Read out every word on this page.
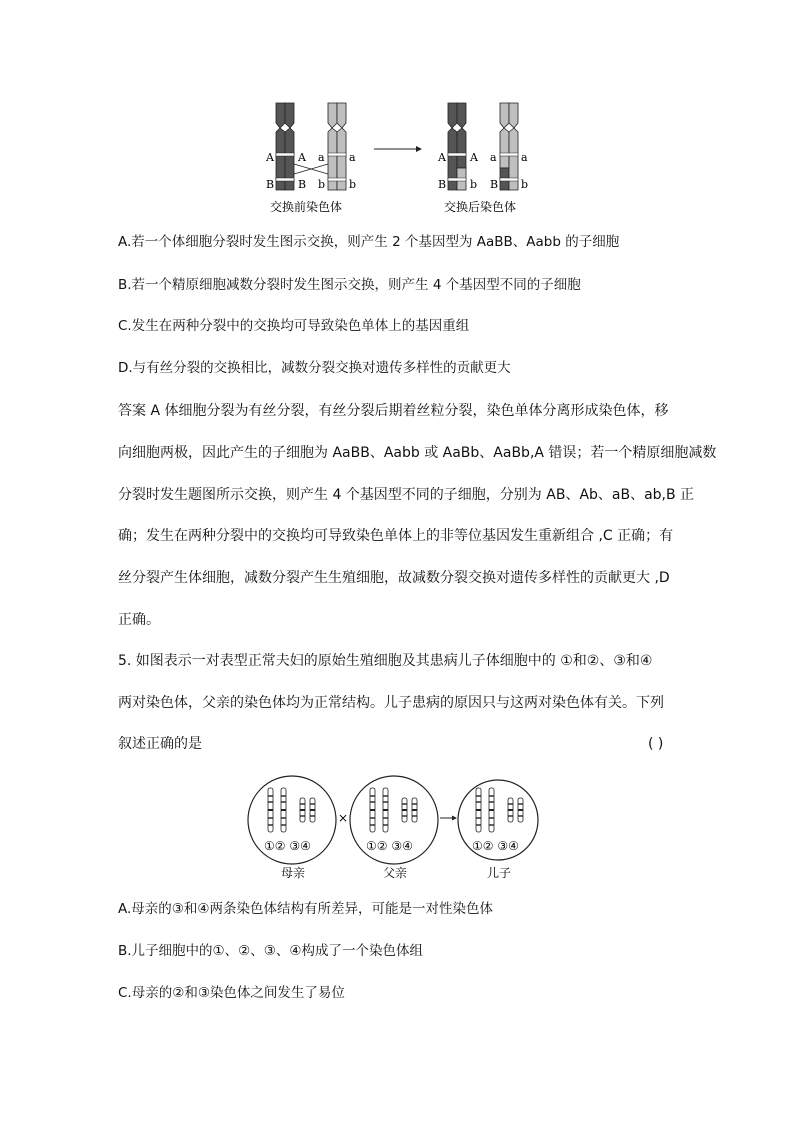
A
B
A
B
a
b
a
b
A
B
A
b
a
B
a
b
交换前染色体	交换后染色体
A.若一个体细胞分裂时发生图示交换，则产生 2 个基因型为 AaBB、Aabb 的子细胞
B.若一个精原细胞减数分裂时发生图示交换，则产生 4 个基因型不同的子细胞
C.发生在两种分裂中的交换均可导致染色单体上的基因重组
D.与有丝分裂的交换相比，减数分裂交换对遗传多样性的贡献更大
答案 A 体细胞分裂为有丝分裂，有丝分裂后期着丝粒分裂，染色单体分离形成染色体，移
向细胞两极，因此产生的子细胞为 AaBB、Aabb 或 AaBb、AaBb,A 错误；若一个精原细胞减数
分裂时发生题图所示交换，则产生 4 个基因型不同的子细胞，分别为 AB、Ab、aB、ab,B 正
确；发生在两种分裂中的交换均可导致染色单体上的非等位基因发生重新组合 ,C 正确；有
丝分裂产生体细胞，减数分裂产生生殖细胞，故减数分裂交换对遗传多样性的贡献更大 ,D
正确。
5. 如图表示一对表型正常夫妇的原始生殖细胞及其患病儿子体细胞中的 ①和②、③和④
两对染色体，父亲的染色体均为正常结构。儿子患病的原因只与这两对染色体有关。下列
叙述正确的是	( )
①② ③④
×
①② ③④	①② ③④
母亲	父亲	儿子
A.母亲的③和④两条染色体结构有所差异，可能是一对性染色体
B.儿子细胞中的①、②、③、④构成了一个染色体组
C.母亲的②和③染色体之间发生了易位
